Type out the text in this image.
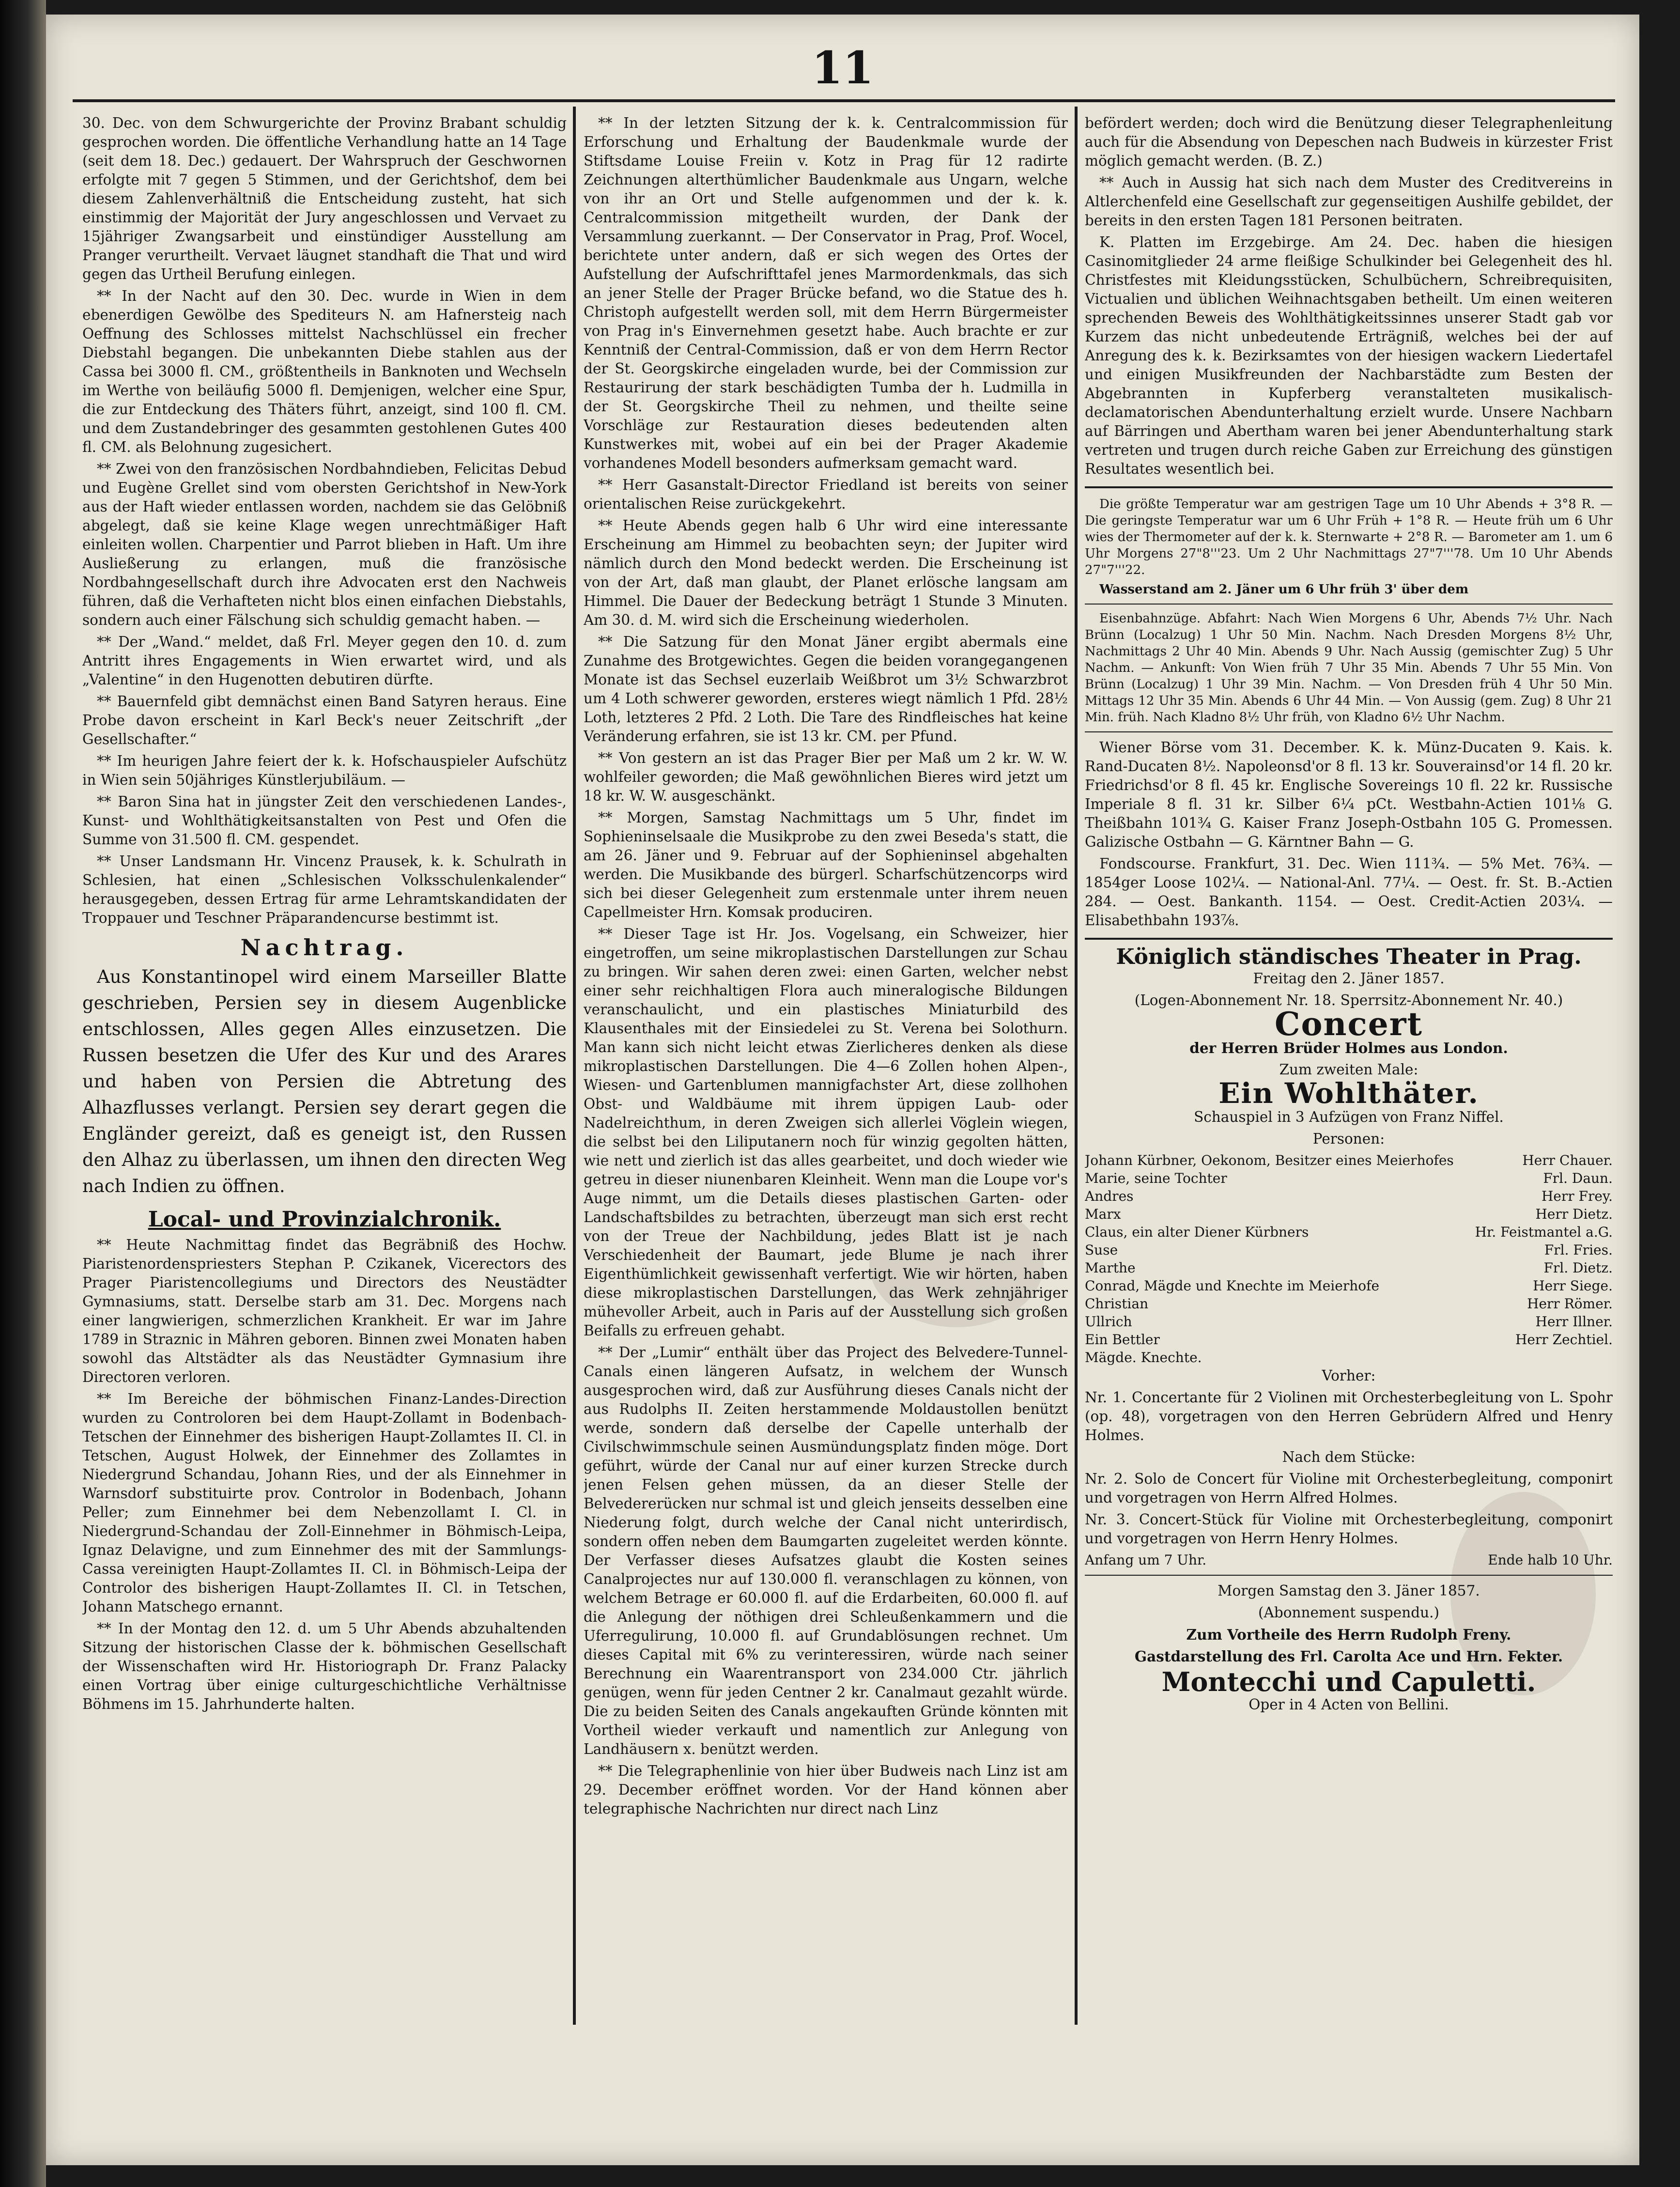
11

30. Dec. von dem Schwurgerichte der Provinz Brabant schuldig gesprochen worden. Die öffentliche Verhandlung hatte an 14 Tage (seit dem 18. Dec.) gedauert. Der Wahrspruch der Geschwornen erfolgte mit 7 gegen 5 Stimmen, und der Gerichtshof, dem bei diesem Zahlenverhältniß die Entscheidung zusteht, hat sich einstimmig der Majorität der Jury angeschlossen und Vervaet zu 15jähriger Zwangsarbeit und einstündiger Ausstellung am Pranger verurtheilt. Vervaet läugnet standhaft die That und wird gegen das Urtheil Berufung einlegen.

** In der Nacht auf den 30. Dec. wurde in Wien in dem ebenerdigen Gewölbe des Spediteurs N. am Hafnersteig nach Oeffnung des Schlosses mittelst Nachschlüssel ein frecher Diebstahl begangen. Die unbekannten Diebe stahlen aus der Cassa bei 3000 fl. CM., größtentheils in Banknoten und Wechseln im Werthe von beiläufig 5000 fl. Demjenigen, welcher eine Spur, die zur Entdeckung des Thäters führt, anzeigt, sind 100 fl. CM. und dem Zustandebringer des gesammten gestohlenen Gutes 400 fl. CM. als Belohnung zugesichert.

** Zwei von den französischen Nordbahndieben, Felicitas Debud und Eugène Grellet sind vom obersten Gerichtshof in New-York aus der Haft wieder entlassen worden, nachdem sie das Gelöbniß abgelegt, daß sie keine Klage wegen unrechtmäßiger Haft einleiten wollen. Charpentier und Parrot blieben in Haft. Um ihre Ausließerung zu erlangen, muß die französische Nordbahngesellschaft durch ihre Advocaten erst den Nachweis führen, daß die Verhafteten nicht blos einen einfachen Diebstahls, sondern auch einer Fälschung sich schuldig gemacht haben. —

** Der „Wand.“ meldet, daß Frl. Meyer gegen den 10. d. zum Antritt ihres Engagements in Wien erwartet wird, und als „Valentine“ in den Hugenotten debutiren dürfte.

** Bauernfeld gibt demnächst einen Band Satyren heraus. Eine Probe davon erscheint in Karl Beck's neuer Zeitschrift „der Gesellschafter.“

** Im heurigen Jahre feiert der k. k. Hofschauspieler Aufschütz in Wien sein 50jähriges Künstlerjubiläum. —

** Baron Sina hat in jüngster Zeit den verschiedenen Landes-, Kunst- und Wohlthätigkeitsanstalten von Pest und Ofen die Summe von 31.500 fl. CM. gespendet.

** Unser Landsmann Hr. Vincenz Prausek, k. k. Schulrath in Schlesien, hat einen „Schlesischen Volksschulenkalender“ herausgegeben, dessen Ertrag für arme Lehramtskandidaten der Troppauer und Teschner Präparandencurse bestimmt ist.

Nachtrag.

Aus Konstantinopel wird einem Marseiller Blatte geschrieben, Persien sey in diesem Augenblicke entschlossen, Alles gegen Alles einzusetzen. Die Russen besetzen die Ufer des Kur und des Arares und haben von Persien die Abtretung des Alhazflusses verlangt. Persien sey derart gegen die Engländer gereizt, daß es geneigt ist, den Russen den Alhaz zu überlassen, um ihnen den directen Weg nach Indien zu öffnen.

Local- und Provinzialchronik.

** Heute Nachmittag findet das Begräbniß des Hochw. Piaristenordenspriesters Stephan P. Czikanek, Vicerectors des Prager Piaristencollegiums und Directors des Neustädter Gymnasiums, statt. Derselbe starb am 31. Dec. Morgens nach einer langwierigen, schmerzlichen Krankheit. Er war im Jahre 1789 in Straznic in Mähren geboren. Binnen zwei Monaten haben sowohl das Altstädter als das Neustädter Gymnasium ihre Directoren verloren.

** Im Bereiche der böhmischen Finanz-Landes-Direction wurden zu Controloren bei dem Haupt-Zollamt in Bodenbach-Tetschen der Einnehmer des bisherigen Haupt-Zollamtes II. Cl. in Tetschen, August Holwek, der Einnehmer des Zollamtes in Niedergrund Schandau, Johann Ries, und der als Einnehmer in Warnsdorf substituirte prov. Controlor in Bodenbach, Johann Peller; zum Einnehmer bei dem Nebenzollamt I. Cl. in Niedergrund-Schandau der Zoll-Einnehmer in Böhmisch-Leipa, Ignaz Delavigne, und zum Einnehmer des mit der Sammlungs-Cassa vereinigten Haupt-Zollamtes II. Cl. in Böhmisch-Leipa der Controlor des bisherigen Haupt-Zollamtes II. Cl. in Tetschen, Johann Matschego ernannt.

** In der Montag den 12. d. um 5 Uhr Abends abzuhaltenden Sitzung der historischen Classe der k. böhmischen Gesellschaft der Wissenschaften wird Hr. Historiograph Dr. Franz Palacky einen Vortrag über einige culturgeschichtliche Verhältnisse Böhmens im 15. Jahrhunderte halten.

** In der letzten Sitzung der k. k. Centralcommission für Erforschung und Erhaltung der Baudenkmale wurde der Stiftsdame Louise Freiin v. Kotz in Prag für 12 radirte Zeichnungen alterthümlicher Baudenkmale aus Ungarn, welche von ihr an Ort und Stelle aufgenommen und der k. k. Centralcommission mitgetheilt wurden, der Dank der Versammlung zuerkannt. — Der Conservator in Prag, Prof. Wocel, berichtete unter andern, daß er sich wegen des Ortes der Aufstellung der Aufschrifttafel jenes Marmordenkmals, das sich an jener Stelle der Prager Brücke befand, wo die Statue des h. Christoph aufgestellt werden soll, mit dem Herrn Bürgermeister von Prag in's Einvernehmen gesetzt habe. Auch brachte er zur Kenntniß der Central-Commission, daß er von dem Herrn Rector der St. Georgskirche eingeladen wurde, bei der Commission zur Restaurirung der stark beschädigten Tumba der h. Ludmilla in der St. Georgskirche Theil zu nehmen, und theilte seine Vorschläge zur Restauration dieses bedeutenden alten Kunstwerkes mit, wobei auf ein bei der Prager Akademie vorhandenes Modell besonders aufmerksam gemacht ward.

** Herr Gasanstalt-Director Friedland ist bereits von seiner orientalischen Reise zurückgekehrt.

** Heute Abends gegen halb 6 Uhr wird eine interessante Erscheinung am Himmel zu beobachten seyn; der Jupiter wird nämlich durch den Mond bedeckt werden. Die Erscheinung ist von der Art, daß man glaubt, der Planet erlösche langsam am Himmel. Die Dauer der Bedeckung beträgt 1 Stunde 3 Minuten. Am 30. d. M. wird sich die Erscheinung wiederholen.

** Die Satzung für den Monat Jäner ergibt abermals eine Zunahme des Brotgewichtes. Gegen die beiden vorangegangenen Monate ist das Sechsel euzerlaib Weißbrot um 3½ Schwarzbrot um 4 Loth schwerer geworden, ersteres wiegt nämlich 1 Pfd. 28½ Loth, letzteres 2 Pfd. 2 Loth. Die Tare des Rindfleisches hat keine Veränderung erfahren, sie ist 13 kr. CM. per Pfund.

** Von gestern an ist das Prager Bier per Maß um 2 kr. W. W. wohlfeiler geworden; die Maß gewöhnlichen Bieres wird jetzt um 18 kr. W. W. ausgeschänkt.

** Morgen, Samstag Nachmittags um 5 Uhr, findet im Sophieninselsaale die Musikprobe zu den zwei Beseda's statt, die am 26. Jäner und 9. Februar auf der Sophieninsel abgehalten werden. Die Musikbande des bürgerl. Scharfschützencorps wird sich bei dieser Gelegenheit zum erstenmale unter ihrem neuen Capellmeister Hrn. Komsak produciren.

** Dieser Tage ist Hr. Jos. Vogelsang, ein Schweizer, hier eingetroffen, um seine mikroplastischen Darstellungen zur Schau zu bringen. Wir sahen deren zwei: einen Garten, welcher nebst einer sehr reichhaltigen Flora auch mineralogische Bildungen veranschaulicht, und ein plastisches Miniaturbild des Klausenthales mit der Einsiedelei zu St. Verena bei Solothurn. Man kann sich nicht leicht etwas Zierlicheres denken als diese mikroplastischen Darstellungen. Die 4—6 Zollen hohen Alpen-, Wiesen- und Gartenblumen mannigfachster Art, diese zollhohen Obst- und Waldbäume mit ihrem üppigen Laub- oder Nadelreichthum, in deren Zweigen sich allerlei Vöglein wiegen, die selbst bei den Liliputanern noch für winzig gegolten hätten, wie nett und zierlich ist das alles gearbeitet, und doch wieder wie getreu in dieser niunenbaren Kleinheit. Wenn man die Loupe vor's Auge nimmt, um die Details dieses plastischen Garten- oder Landschaftsbildes zu betrachten, überzeugt man sich erst recht von der Treue der Nachbildung, jedes Blatt ist je nach Verschiedenheit der Baumart, jede Blume je nach ihrer Eigenthümlichkeit gewissenhaft verfertigt. Wie wir hörten, haben diese mikroplastischen Darstellungen, das Werk zehnjähriger mühevoller Arbeit, auch in Paris auf der Ausstellung sich großen Beifalls zu erfreuen gehabt.

** Der „Lumir“ enthält über das Project des Belvedere-Tunnel-Canals einen längeren Aufsatz, in welchem der Wunsch ausgesprochen wird, daß zur Ausführung dieses Canals nicht der aus Rudolphs II. Zeiten herstammende Moldaustollen benützt werde, sondern daß derselbe der Capelle unterhalb der Civilschwimmschule seinen Ausmündungsplatz finden möge. Dort geführt, würde der Canal nur auf einer kurzen Strecke durch jenen Felsen gehen müssen, da an dieser Stelle der Belvedererücken nur schmal ist und gleich jenseits desselben eine Niederung folgt, durch welche der Canal nicht unterirdisch, sondern offen neben dem Baumgarten zugeleitet werden könnte. Der Verfasser dieses Aufsatzes glaubt die Kosten seines Canalprojectes nur auf 130.000 fl. veranschlagen zu können, von welchem Betrage er 60.000 fl. auf die Erdarbeiten, 60.000 fl. auf die Anlegung der nöthigen drei Schleußenkammern und die Uferregulirung, 10.000 fl. auf Grundablösungen rechnet. Um dieses Capital mit 6% zu verinteressiren, würde nach seiner Berechnung ein Waarentransport von 234.000 Ctr. jährlich genügen, wenn für jeden Centner 2 kr. Canalmaut gezahlt würde. Die zu beiden Seiten des Canals angekauften Gründe könnten mit Vortheil wieder verkauft und namentlich zur Anlegung von Landhäusern x. benützt werden.

** Die Telegraphenlinie von hier über Budweis nach Linz ist am 29. December eröffnet worden. Vor der Hand können aber telegraphische Nachrichten nur direct nach Linz

befördert werden; doch wird die Benützung dieser Telegraphenleitung auch für die Absendung von Depeschen nach Budweis in kürzester Frist möglich gemacht werden. (B. Z.)

** Auch in Aussig hat sich nach dem Muster des Creditvereins in Altlerchenfeld eine Gesellschaft zur gegenseitigen Aushilfe gebildet, der bereits in den ersten Tagen 181 Personen beitraten.

K. Platten im Erzgebirge. Am 24. Dec. haben die hiesigen Casinomitglieder 24 arme fleißige Schulkinder bei Gelegenheit des hl. Christfestes mit Kleidungsstücken, Schulbüchern, Schreibrequisiten, Victualien und üblichen Weihnachtsgaben betheilt. Um einen weiteren sprechenden Beweis des Wohlthätigkeitssinnes unserer Stadt gab vor Kurzem das nicht unbedeutende Erträgniß, welches bei der auf Anregung des k. k. Bezirksamtes von der hiesigen wackern Liedertafel und einigen Musikfreunden der Nachbarstädte zum Besten der Abgebrannten in Kupferberg veranstalteten musikalisch-declamatorischen Abendunterhaltung erzielt wurde. Unsere Nachbarn auf Bärringen und Abertham waren bei jener Abendunterhaltung stark vertreten und trugen durch reiche Gaben zur Erreichung des günstigen Resultates wesentlich bei.

Die größte Temperatur war am gestrigen Tage um 10 Uhr Abends + 3°8 R. — Die geringste Temperatur war um 6 Uhr Früh + 1°8 R. — Heute früh um 6 Uhr wies der Thermometer auf der k. k. Sternwarte + 2°8 R. — Barometer am 1. um 6 Uhr Morgens 27"8'''23. Um 2 Uhr Nachmittags 27"7'''78. Um 10 Uhr Abends 27"7'''22.

Wasserstand am 2. Jäner um 6 Uhr früh 3' über dem

Eisenbahnzüge. Abfahrt: Nach Wien Morgens 6 Uhr, Abends 7½ Uhr. Nach Brünn (Localzug) 1 Uhr 50 Min. Nachm. Nach Dresden Morgens 8½ Uhr, Nachmittags 2 Uhr 40 Min. Abends 9 Uhr. Nach Aussig (gemischter Zug) 5 Uhr Nachm. — Ankunft: Von Wien früh 7 Uhr 35 Min. Abends 7 Uhr 55 Min. Von Brünn (Localzug) 1 Uhr 39 Min. Nachm. — Von Dresden früh 4 Uhr 50 Min. Mittags 12 Uhr 35 Min. Abends 6 Uhr 44 Min. — Von Aussig (gem. Zug) 8 Uhr 21 Min. früh. Nach Kladno 8½ Uhr früh, von Kladno 6½ Uhr Nachm.

Wiener Börse vom 31. December. K. k. Münz-Ducaten 9. Kais. k. Rand-Ducaten 8½. Napoleonsd'or 8 fl. 13 kr. Souverainsd'or 14 fl. 20 kr. Friedrichsd'or 8 fl. 45 kr. Englische Sovereings 10 fl. 22 kr. Russische Imperiale 8 fl. 31 kr. Silber 6¼ pCt. Westbahn-Actien 101⅛ G. Theißbahn 101¾ G. Kaiser Franz Joseph-Ostbahn 105 G. Promessen. Galizische Ostbahn — G. Kärntner Bahn — G.

Fondscourse. Frankfurt, 31. Dec. Wien 111¾. — 5% Met. 76¾. — 1854ger Loose 102¼. — National-Anl. 77¼. — Oest. fr. St. B.-Actien 284. — Oest. Bankanth. 1154. — Oest. Credit-Actien 203¼. — Elisabethbahn 193⅞.

Königlich ständisches Theater in Prag.

Freitag den 2. Jäner 1857.

(Logen-Abonnement Nr. 18. Sperrsitz-Abonnement Nr. 40.)

Concert

der Herren Brüder Holmes aus London.

Zum zweiten Male:

Ein Wohlthäter.

Schauspiel in 3 Aufzügen von Franz Niffel.

Personen:

Johann Kürbner, Oekonom, Besitzer eines Meierhofes	Herr Chauer.
Marie, seine Tochter	Frl. Daun.
Andres	Herr Frey.
Marx	Herr Dietz.
Claus, ein alter Diener Kürbners	Hr. Feistmantel a.G.
Suse	Frl. Fries.
Marthe	Frl. Dietz.
Conrad, Mägde und Knechte im Meierhofe	Herr Siege.
Christian	Herr Römer.
Ullrich	Herr Illner.
Ein Bettler	Herr Zechtiel.
Mägde. Knechte.

Vorher:

Nr. 1. Concertante für 2 Violinen mit Orchesterbegleitung von L. Spohr (op. 48), vorgetragen von den Herren Gebrüdern Alfred und Henry Holmes.

Nach dem Stücke:

Nr. 2. Solo de Concert für Violine mit Orchesterbegleitung, componirt und vorgetragen von Herrn Alfred Holmes.

Nr. 3. Concert-Stück für Violine mit Orchesterbegleitung, componirt und vorgetragen von Herrn Henry Holmes.

Anfang um 7 Uhr.	Ende halb 10 Uhr.

Morgen Samstag den 3. Jäner 1857.

(Abonnement suspendu.)

Zum Vortheile des Herrn Rudolph Freny.

Gastdarstellung des Frl. Carolta Ace und Hrn. Fekter.

Montecchi und Capuletti.

Oper in 4 Acten von Bellini.
